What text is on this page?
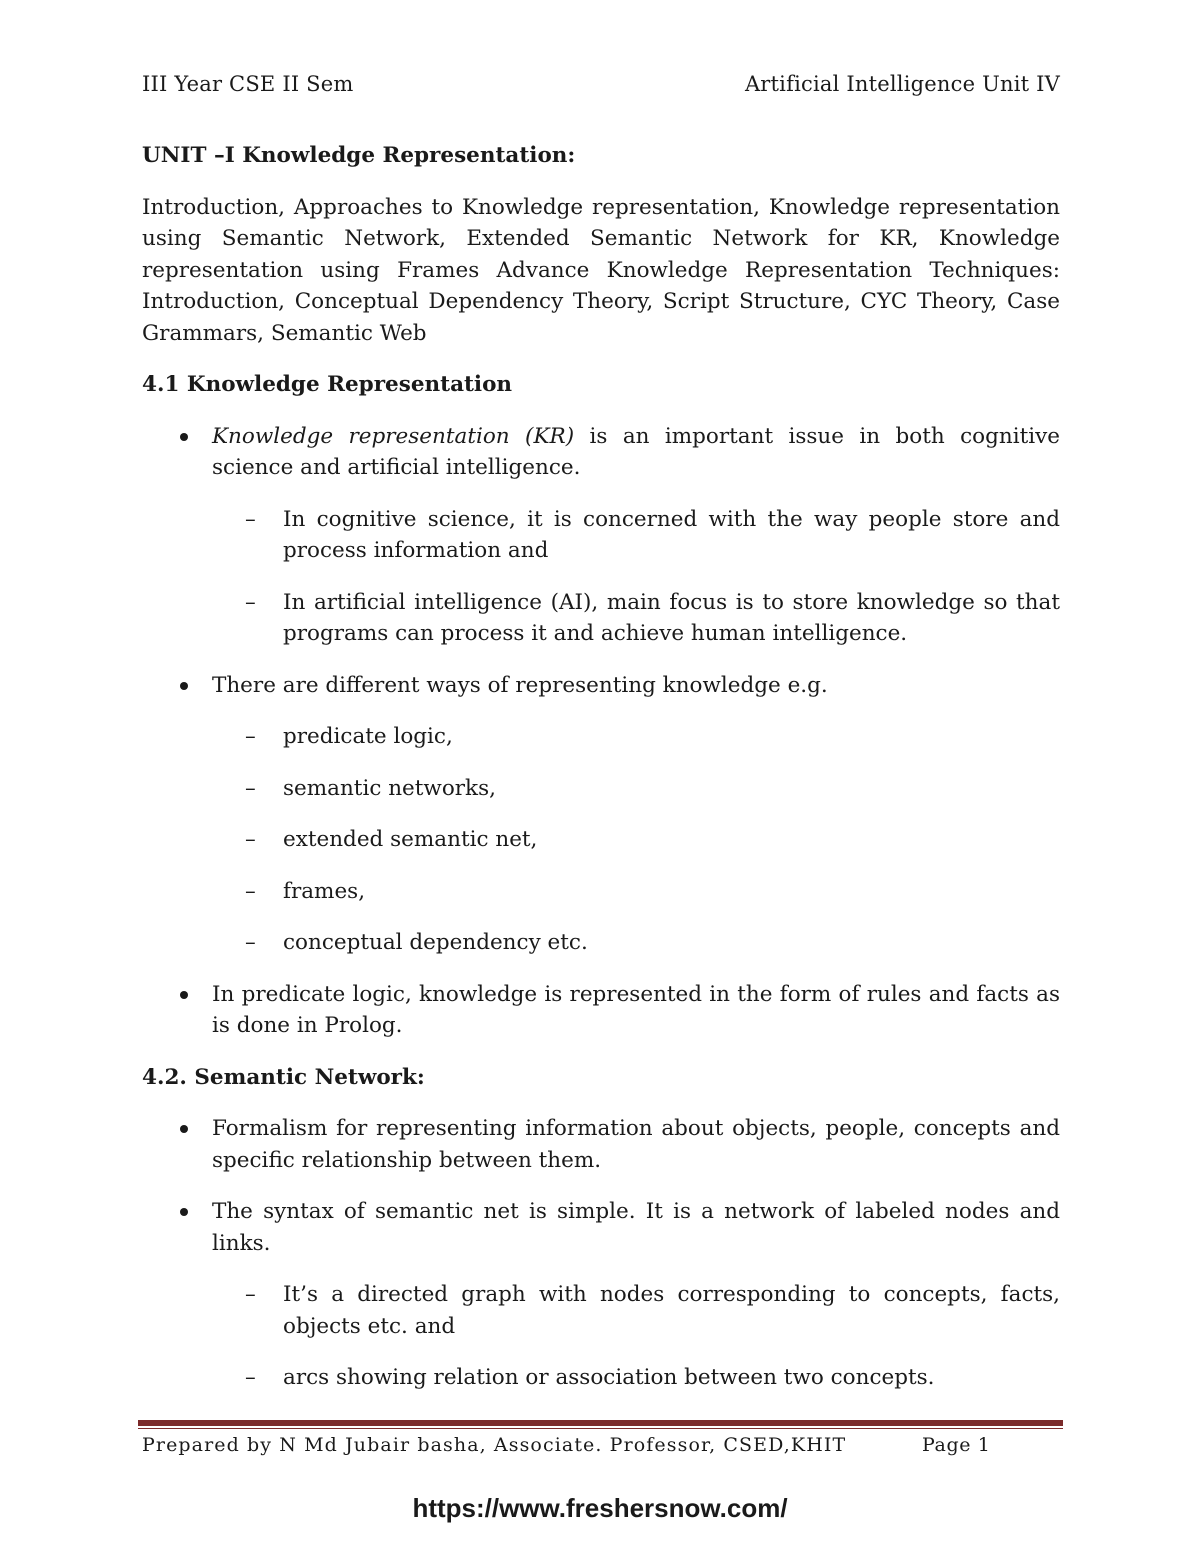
III Year CSE II Sem	Artificial Intelligence Unit IV
UNIT –I Knowledge Representation:

Introduction, Approaches to Knowledge representation, Knowledge representation using Semantic Network, Extended Semantic Network for KR, Knowledge representation using Frames Advance Knowledge Representation Techniques: Introduction, Conceptual Dependency Theory, Script Structure, CYC Theory, Case Grammars, Semantic Web

4.1 Knowledge Representation
Knowledge representation (KR) is an important issue in both cognitive science and artificial intelligence.
– In cognitive science, it is concerned with the way people store and process information and
– In artificial intelligence (AI), main focus is to store knowledge so that programs can process it and achieve human intelligence.
There are different ways of representing knowledge e.g.
– predicate logic,
– semantic networks,
– extended semantic net,
– frames,
– conceptual dependency etc.
In predicate logic, knowledge is represented in the form of rules and facts as is done in Prolog.
4.2. Semantic Network:
Formalism for representing information about objects, people, concepts and specific relationship between them.
The syntax of semantic net is simple. It is a network of labeled nodes and links.
– It’s a directed graph with nodes corresponding to concepts, facts, objects etc. and
– arcs showing relation or association between two concepts.
Prepared by N Md Jubair basha, Associate. Professor, CSED,KHIT	Page 1
https://www.freshersnow.com/
